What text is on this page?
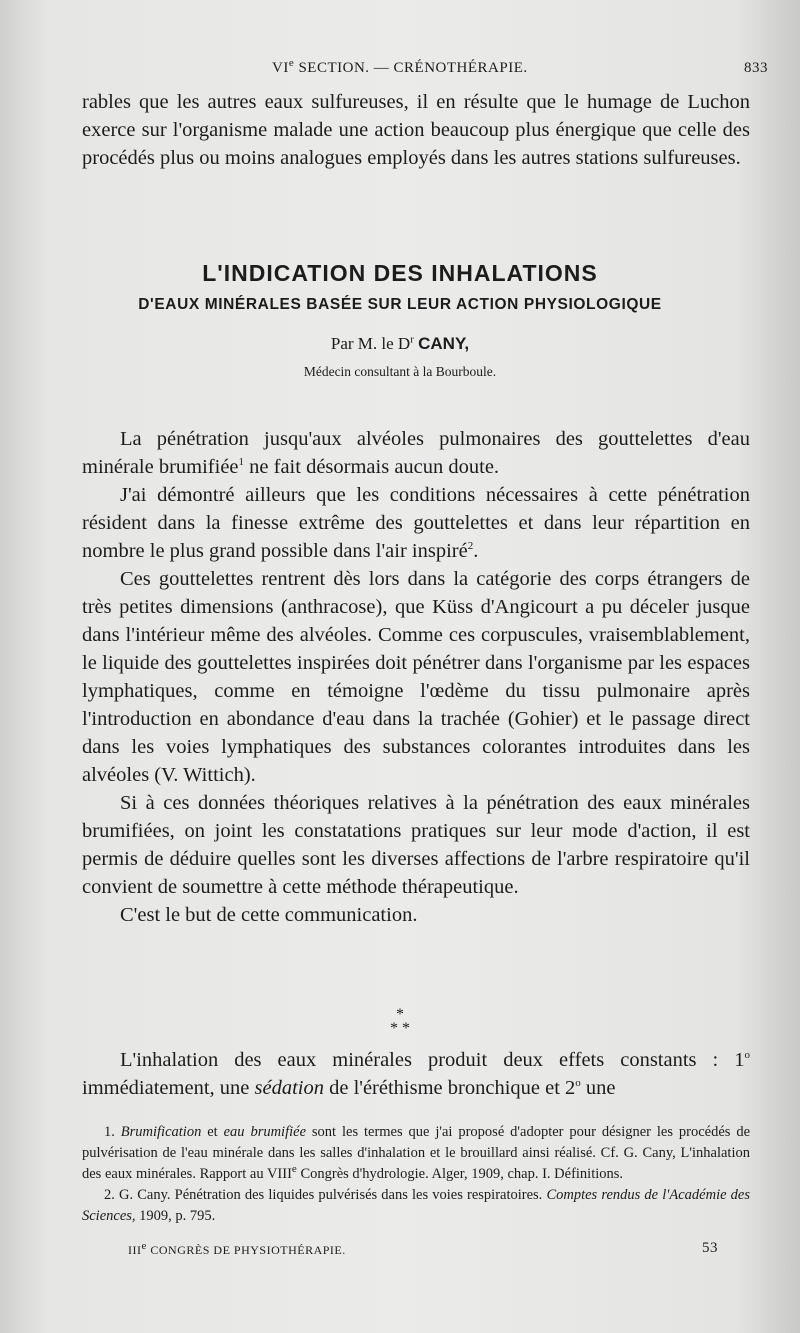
VIe SECTION. — CRÉNOTHÉRAPIE.	833

rables que les autres eaux sulfureuses, il en résulte que le humage de Luchon exerce sur l'organisme malade une action beaucoup plus énergique que celle des procédés plus ou moins analogues employés dans les autres stations sulfureuses.

L'INDICATION DES INHALATIONS
D'EAUX MINÉRALES BASÉE SUR LEUR ACTION PHYSIOLOGIQUE
Par M. le $D^r$ CANY,
Médecin consultant à la Bourboule.

La pénétration jusqu'aux alvéoles pulmonaires des gouttelettes d'eau minérale brumifiée$^1$ ne fait désormais aucun doute.

J'ai démontré ailleurs que les conditions nécessaires à cette pénétration résident dans la finesse extrême des gouttelettes et dans leur répartition en nombre le plus grand possible dans l'air inspiré$^2$.

Ces gouttelettes rentrent dès lors dans la catégorie des corps étrangers de très petites dimensions (anthracose), que Küss d'Angicourt a pu déceler jusque dans l'intérieur même des alvéoles. Comme ces corpuscules, vraisemblablement, le liquide des gouttelettes inspirées doit pénétrer dans l'organisme par les espaces lymphatiques, comme en témoigne l'œdème du tissu pulmonaire après l'introduction en abondance d'eau dans la trachée (Gohier) et le passage direct dans les voies lymphatiques des substances colorantes introduites dans les alvéoles (V. Wittich).

Si à ces données théoriques relatives à la pénétration des eaux minérales brumifiées, on joint les constatations pratiques sur leur mode d'action, il est permis de déduire quelles sont les diverses affections de l'arbre respiratoire qu'il convient de soumettre à cette méthode thérapeutique.

C'est le but de cette communication.

*
* *

L'inhalation des eaux minérales produit deux effets constants : 1$^o$ immédiatement, une sédation de l'éréthisme bronchique et 2$^o$ une

1. Brumification et eau brumifiée sont les termes que j'ai proposé d'adopter pour désigner les procédés de pulvérisation de l'eau minérale dans les salles d'inhalation et le brouillard ainsi réalisé. Cf. G. Cany, L'inhalation des eaux minérales. Rapport au VIIIe Congrès d'hydrologie. Alger, 1909, chap. I. Définitions.

2. G. Cany. Pénétration des liquides pulvérisés dans les voies respiratoires. Comptes rendus de l'Académie des Sciences, 1909, p. 795.

IIIe CONGRÈS DE PHYSIOTHÉRAPIE.	53
